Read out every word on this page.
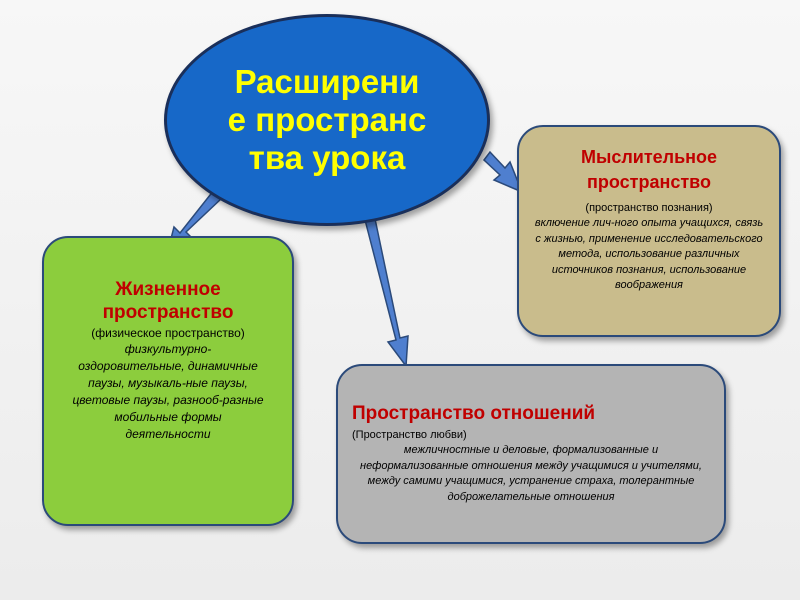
Расширение пространства урока
Жизненное пространство
(физическое пространство)
физкультурно-оздоровительные, динамичные паузы, музыкаль-ные паузы, цветовые паузы, разнооб-разные мобильные формы деятельности
Мыслительное пространство
(пространство познания)
включение лич-ного опыта учащихся, связь с жизнью, применение исследовательского метода, использование различных источников познания, использование воображения
Пространство отношений
(Пространство любви)
межличностные и деловые, формализованные и неформализованные отношения между учащимися и учителями, между самими учащимися, устранение страха, толерантные доброжелательные отношения
